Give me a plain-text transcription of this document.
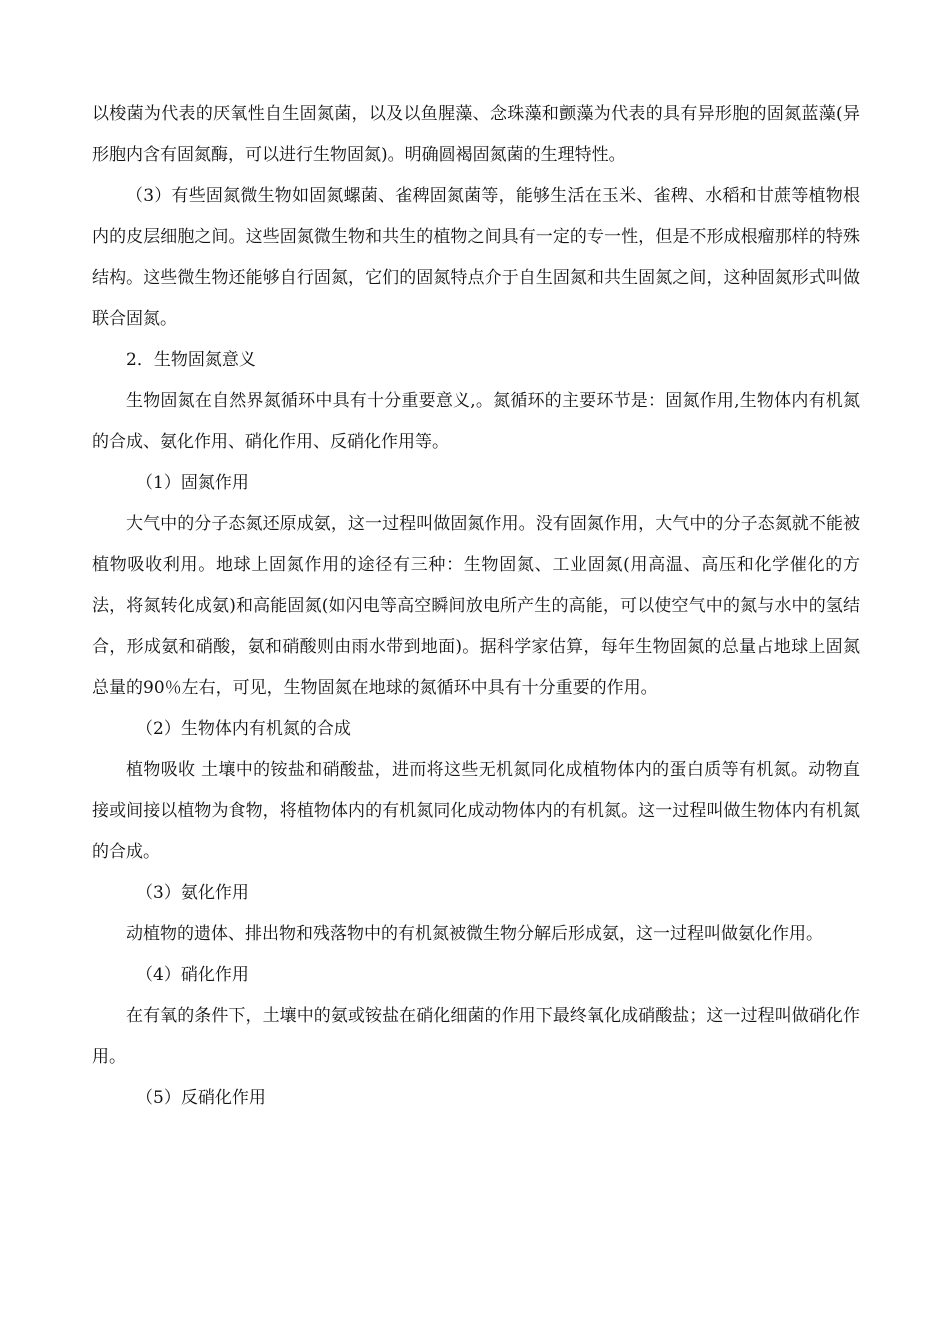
以梭菌为代表的厌氧性自生固氮菌，以及以鱼腥藻、念珠藻和颤藻为代表的具有异形胞的固氮蓝藻(异形胞内含有固氮酶，可以进行生物固氮)。明确圆褐固氮菌的生理特性。

（3）有些固氮微生物如固氮螺菌、雀稗固氮菌等，能够生活在玉米、雀稗、水稻和甘蔗等植物根内的皮层细胞之间。这些固氮微生物和共生的植物之间具有一定的专一性，但是不形成根瘤那样的特殊结构。这些微生物还能够自行固氮，它们的固氮特点介于自生固氮和共生固氮之间，这种固氮形式叫做联合固氮。

2．生物固氮意义

生物固氮在自然界氮循环中具有十分重要意义,。氮循环的主要环节是：固氮作用,生物体内有机氮的合成、氨化作用、硝化作用、反硝化作用等。

（1）固氮作用

大气中的分子态氮还原成氨，这一过程叫做固氮作用。没有固氮作用，大气中的分子态氮就不能被植物吸收利用。地球上固氮作用的途径有三种：生物固氮、工业固氮(用高温、高压和化学催化的方法，将氮转化成氨)和高能固氮(如闪电等高空瞬间放电所产生的高能，可以使空气中的氮与水中的氢结合，形成氨和硝酸，氨和硝酸则由雨水带到地面)。据科学家估算，每年生物固氮的总量占地球上固氮总量的90％左右，可见，生物固氮在地球的氮循环中具有十分重要的作用。

（2）生物体内有机氮的合成

植物吸收 土壤中的铵盐和硝酸盐，进而将这些无机氮同化成植物体内的蛋白质等有机氮。动物直接或间接以植物为食物，将植物体内的有机氮同化成动物体内的有机氮。这一过程叫做生物体内有机氮的合成。

（3）氨化作用

动植物的遗体、排出物和残落物中的有机氮被微生物分解后形成氨，这一过程叫做氨化作用。

（4）硝化作用

在有氧的条件下，土壤中的氨或铵盐在硝化细菌的作用下最终氧化成硝酸盐；这一过程叫做硝化作用。

（5）反硝化作用
